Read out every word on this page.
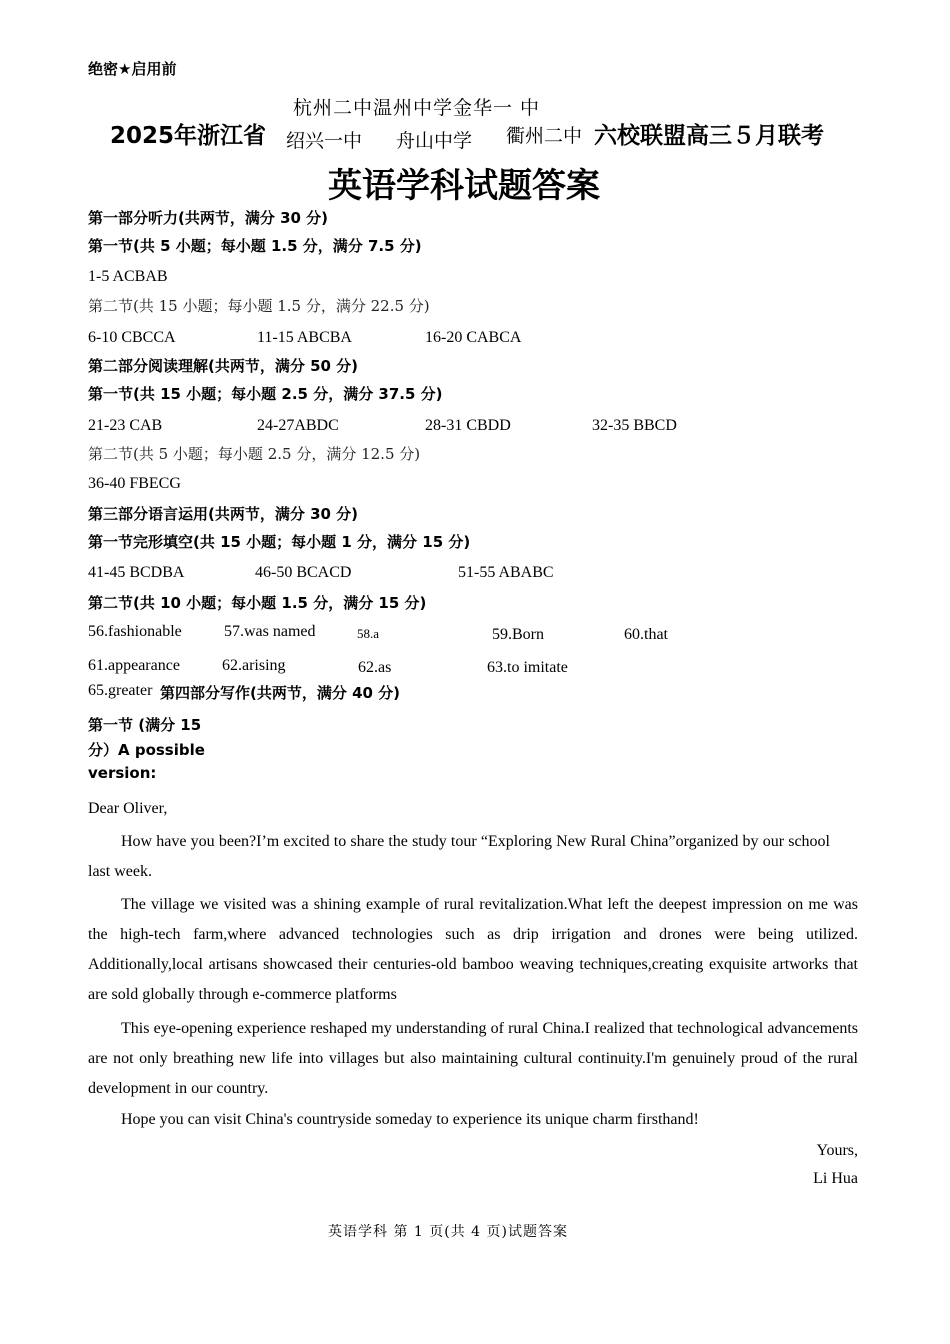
绝密★启用前
杭州二中温州中学金华一 中
2025年浙江省 绍兴一中 舟山中学 衢州二中 六校联盟高三５月联考
英语学科试题答案
第一部分听力(共两节，满分 30 分)
第一节(共 5 小题；每小题 1.5 分，满分 7.5 分)
1-5 ACBAB
第二节(共 15 小题；每小题 1.5 分，满分 22.5 分)
6-10 CBCCA	11-15 ABCBA	16-20 CABCA
第二部分阅读理解(共两节，满分 50 分)
第一节(共 15 小题；每小题 2.5 分，满分 37.5 分)
21-23 CAB	24-27ABDC	28-31 CBDD	32-35 BBCD
第二节(共 5 小题；每小题 2.5 分，满分 12.5 分)
36-40 FBECG
第三部分语言运用(共两节，满分 30 分)
第一节完形填空(共 15 小题；每小题 1 分，满分 15 分)
41-45 BCDBA	46-50 BCACD	51-55 ABABC
第二节(共 10 小题；每小题 1.5 分，满分 15 分)
56.fashionable	57.was named	58.a	59.Born	60.that
61.appearance	62.arising	62.as	63.to imitate
65.greater 第四部分写作(共两节，满分 40 分)
第一节 (满分 15
分）A possible
version:
Dear Oliver,
How have you been?I’m excited to share the study tour “Exploring New Rural China”organized by our school last week.
The village we visited was a shining example of rural revitalization.What left the deepest impression on me was the high-tech farm,where advanced technologies such as drip irrigation and drones were being utilized. Additionally,local artisans showcased their centuries-old bamboo weaving techniques,creating exquisite artworks that are sold globally through e-commerce platforms
This eye-opening experience reshaped my understanding of rural China.I realized that technological advancements are not only breathing new life into villages but also maintaining cultural continuity.I'm genuinely proud of the rural development in our country.
Hope you can visit China's countryside someday to experience its unique charm firsthand!
Yours,
Li Hua
英语学科 第 1 页(共 4 页)试题答案
